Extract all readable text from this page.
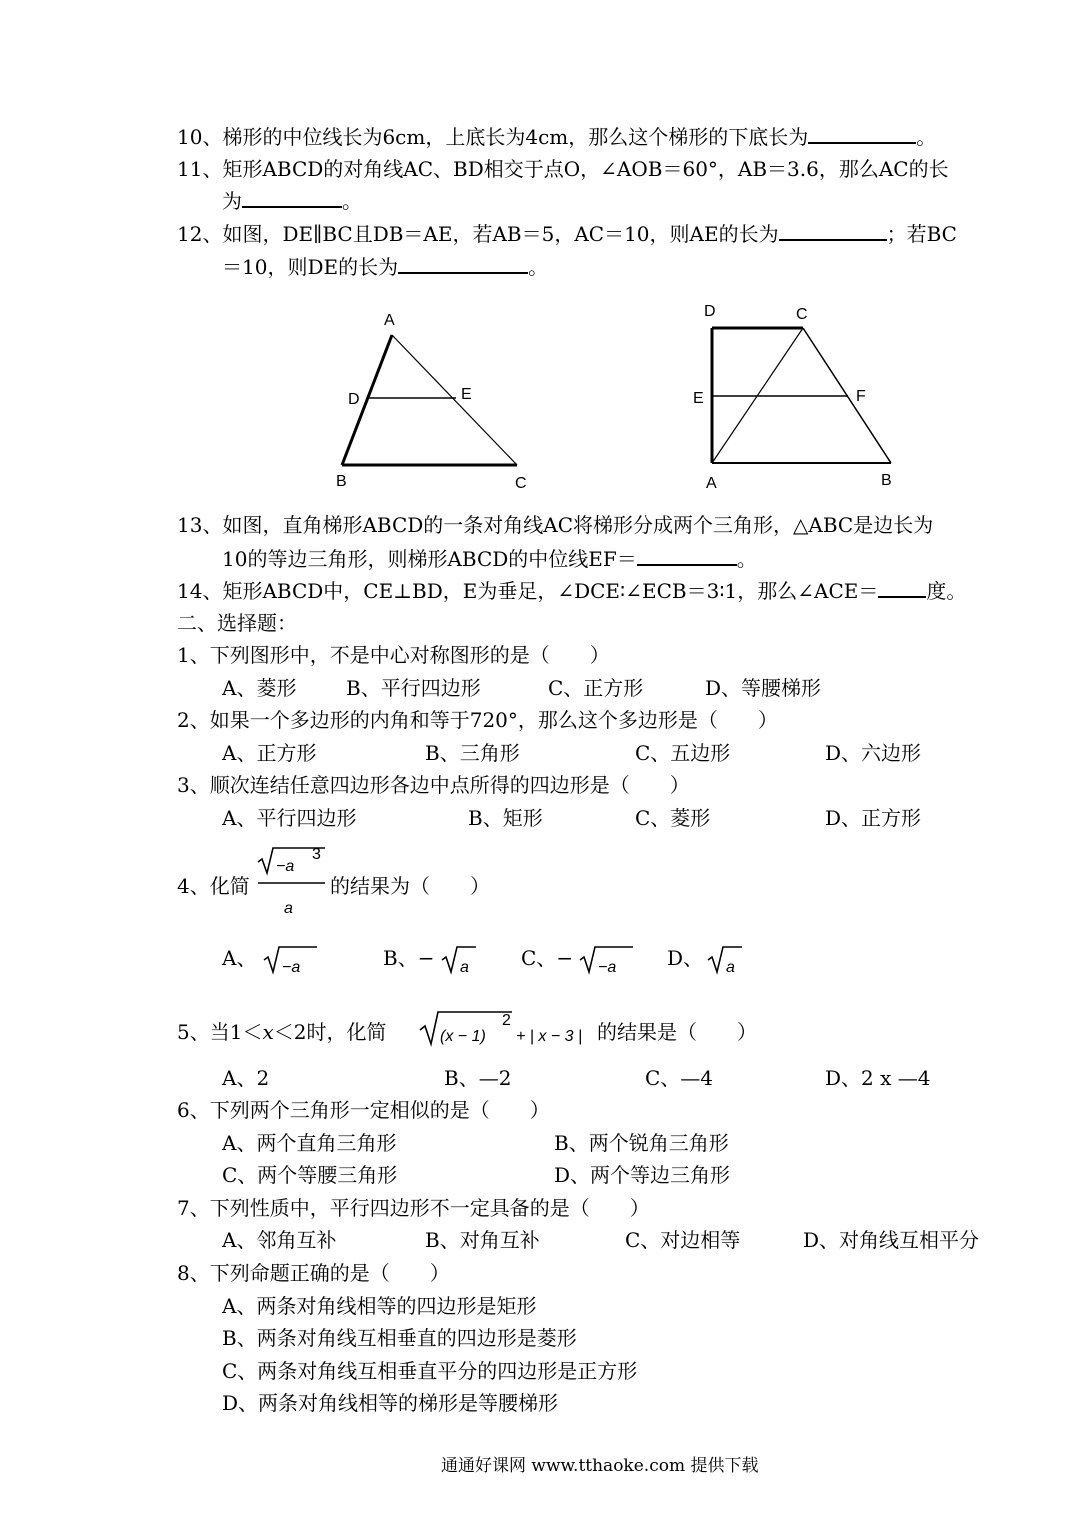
10、梯形的中位线长为6cm，上底长为4cm，那么这个梯形的下底长为	。
11、矩形ABCD的对角线AC、BD相交于点O，∠AOB＝60°，AB＝3.6，那么AC的长
为	。
12、如图，DE∥BC且DB＝AE，若AB＝5，AC＝10，则AE的长为	；若BC
＝10，则DE的长为	。
A
D	E
B	C
D	C
E	F
A	B
13、如图，直角梯形ABCD的一条对角线AC将梯形分成两个三角形，△ABC是边长为
10的等边三角形，则梯形ABCD的中位线EF＝	。
14、矩形ABCD中，CE⊥BD，E为垂足，∠DCE∶∠ECB＝3∶1，那么∠ACE＝ 度。
二、选择题：
1、下列图形中，不是中心对称图形的是（　　）
A、菱形 B、平行四边形	C、正方形	D、等腰梯形
2、如果一个多边形的内角和等于720°，那么这个多边形是（　　）
A、正方形	B、三角形	C、五边形	D、六边形
3、顺次连结任意四边形各边中点所得的四边形是（　　）
A、平行四边形	B、矩形	C、菱形	D、正方形
4、化简
−a
3
a
的结果为（　　）
A、 −a	B、− a	C、− −a	D、 a
5、当1＜x＜2时，化简	(x − 1)
2
+ | x − 3 | 的结果是（　　）
A、2	B、—2	C、—4	D、2 x —4
6、下列两个三角形一定相似的是（　　）
A、两个直角三角形	B、两个锐角三角形
C、两个等腰三角形	D、两个等边三角形
7、下列性质中，平行四边形不一定具备的是（　　）
A、邻角互补	B、对角互补	C、对边相等	D、对角线互相平分
8、下列命题正确的是（　　）
A、两条对角线相等的四边形是矩形
B、两条对角线互相垂直的四边形是菱形
C、两条对角线互相垂直平分的四边形是正方形
D、两条对角线相等的梯形是等腰梯形
通通好课网 www.tthaoke.com 提供下载
